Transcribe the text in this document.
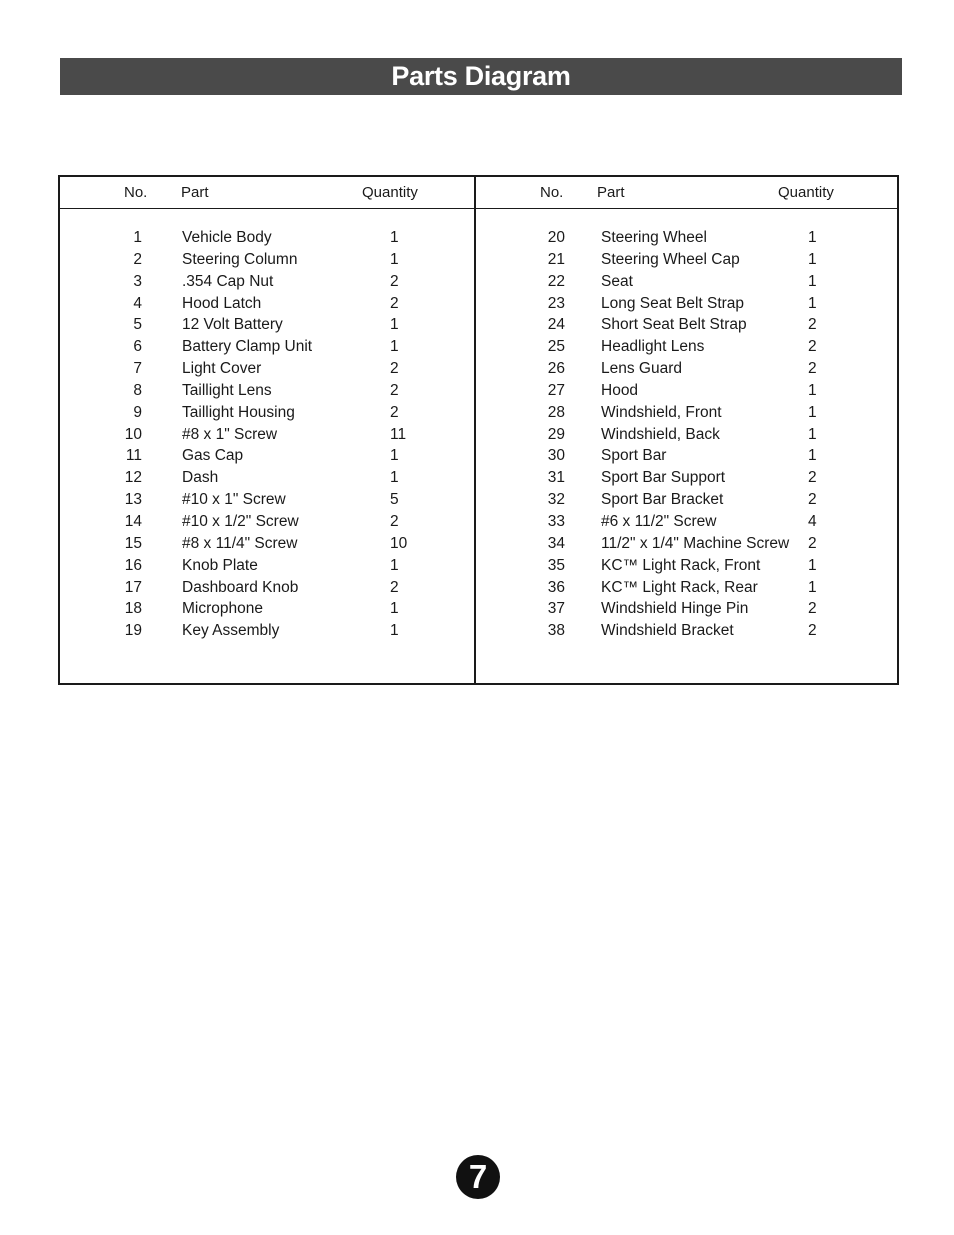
Parts Diagram
No. Part	Quantity
1	Vehicle Body	1
2	Steering Column	1
3	.354 Cap Nut	2
4	Hood Latch	2
5	12 Volt Battery	1
6	Battery Clamp Unit	1
7	Light Cover	2
8	Taillight Lens	2
9	Taillight Housing	2
10	#8 x 1" Screw	11
11	Gas Cap	1
12	Dash	1
13	#10 x 1" Screw	5
14	#10 x 1/2" Screw	2
15	#8 x 11/4" Screw	10
16	Knob Plate	1
17	Dashboard Knob	2
18	Microphone	1
19	Key Assembly	1
No. Part	Quantity
20 Steering Wheel	1
21 Steering Wheel Cap	1
22 Seat	1
23 Long Seat Belt Strap	1
24 Short Seat Belt Strap	2
25 Headlight Lens	2
26 Lens Guard	2
27 Hood	1
28 Windshield, Front	1
29 Windshield, Back	1
30 Sport Bar	1
31 Sport Bar Support	2
32 Sport Bar Bracket	2
33 #6 x 11/2" Screw	4
34 11/2" x 1/4" Machine Screw 2
35 KC™ Light Rack, Front	1
36 KC™ Light Rack, Rear	1
37 Windshield Hinge Pin	2
38 Windshield Bracket	2
7
